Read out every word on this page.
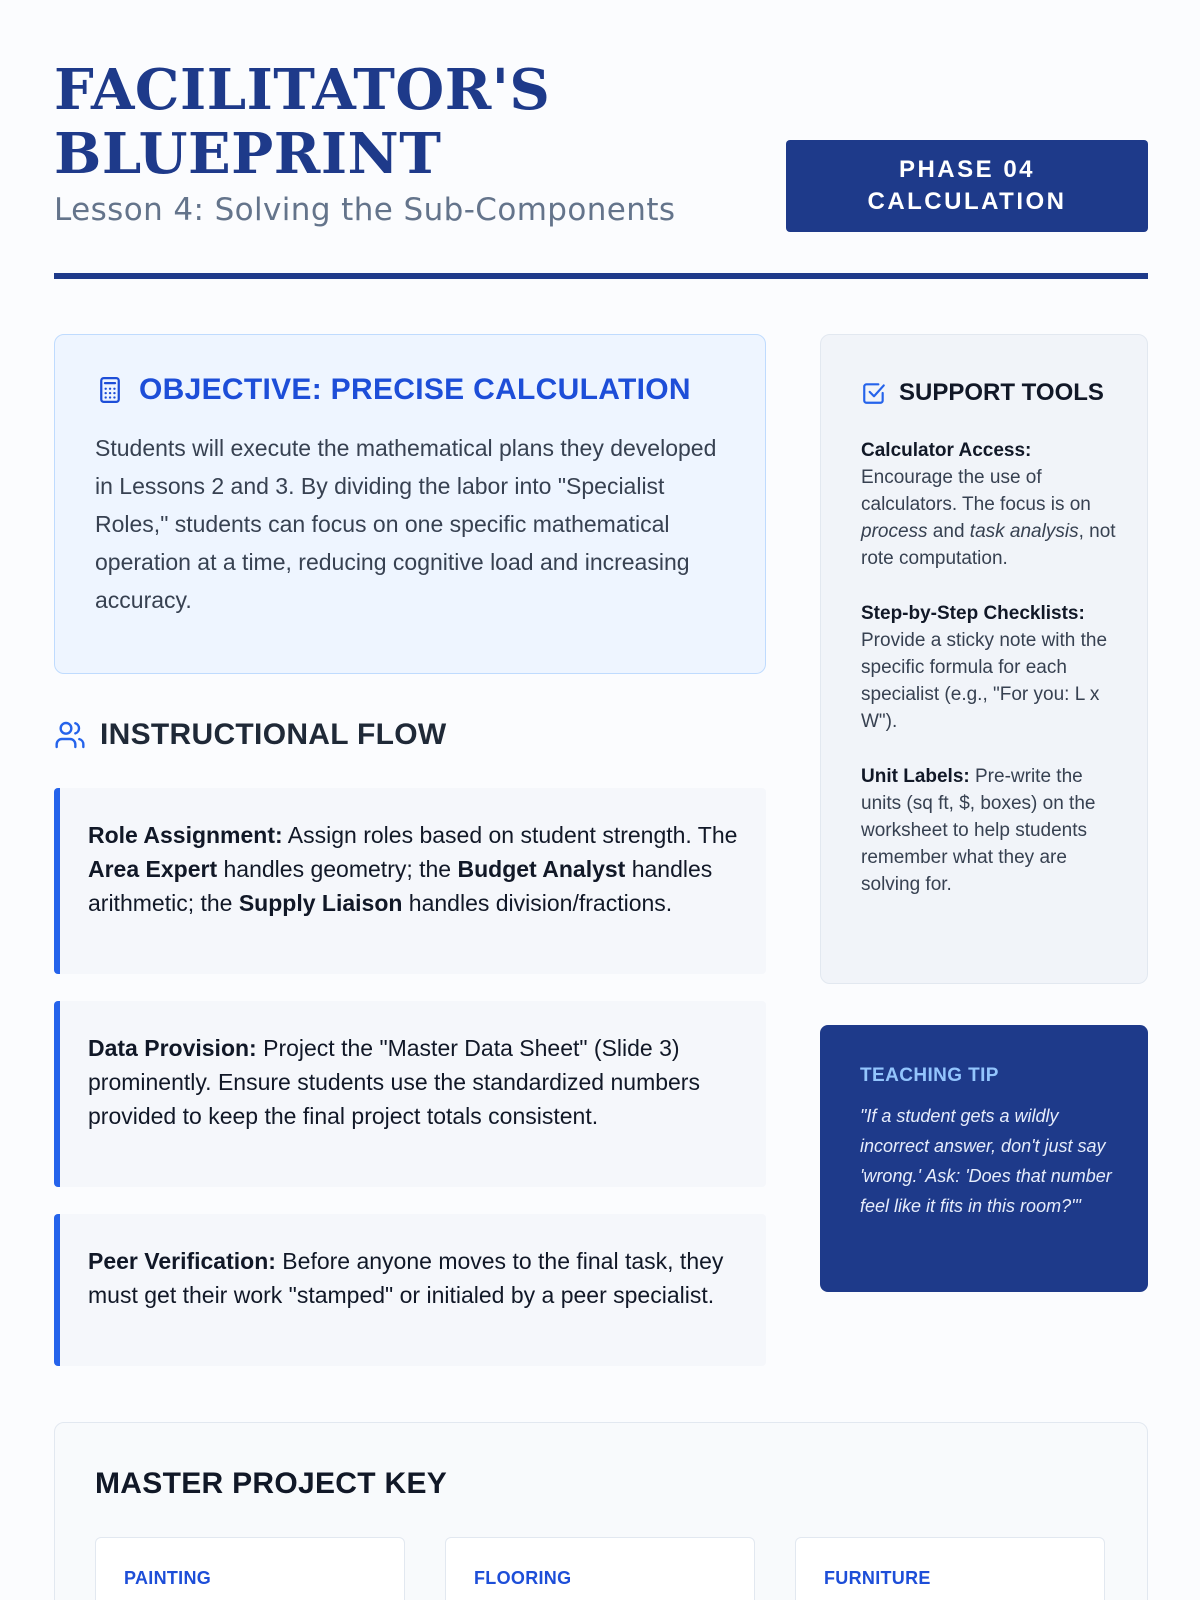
FACILITATOR'S
BLUEPRINT
Lesson 4: Solving the Sub-Components
PHASE 04
CALCULATION
OBJECTIVE: PRECISE CALCULATION

Students will execute the mathematical plans they developed in Lessons 2 and 3. By dividing the labor into "Specialist Roles," students can focus on one specific mathematical operation at a time, reducing cognitive load and increasing accuracy.

INSTRUCTIONAL FLOW
Role Assignment: Assign roles based on student strength. The Area Expert handles geometry; the Budget Analyst handles arithmetic; the Supply Liaison handles division/fractions.
Data Provision: Project the "Master Data Sheet" (Slide 3) prominently. Ensure students use the standardized numbers provided to keep the final project totals consistent.
Peer Verification: Before anyone moves to the final task, they must get their work "stamped" or initialed by a peer specialist.
SUPPORT TOOLS

Calculator Access: Encourage the use of calculators. The focus is on process and task analysis, not rote computation.

Step-by-Step Checklists: Provide a sticky note with the specific formula for each specialist (e.g., "For you: L x W").

Unit Labels: Pre-write the units (sq ft, $, boxes) on the worksheet to help students remember what they are solving for.

TEACHING TIP

"If a student gets a wildly incorrect answer, don't just say 'wrong.' Ask: 'Does that number feel like it fits in this room?'"

MASTER PROJECT KEY
PAINTING	FLOORING	FURNITURE
